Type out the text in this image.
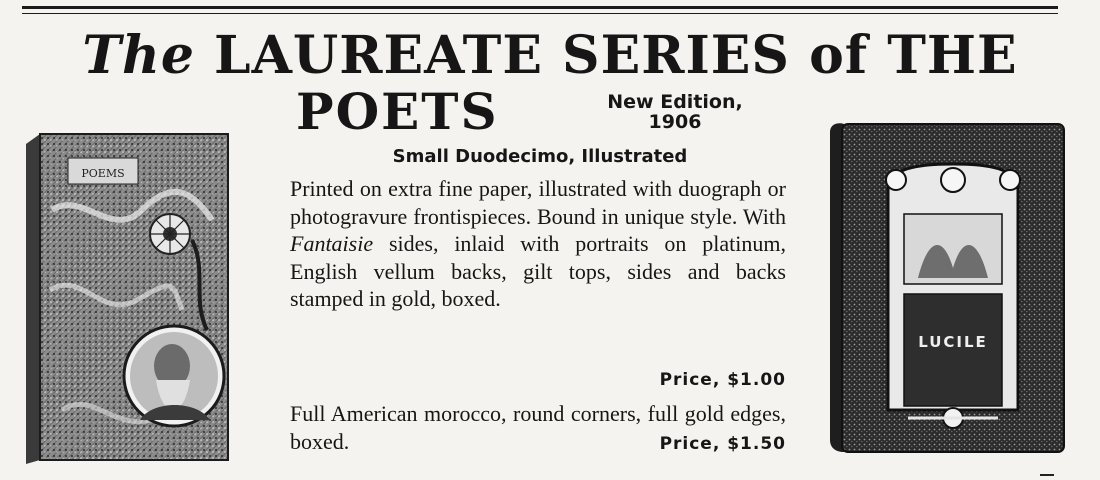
The LAUREATE SERIES of THE
POETS	New Edition,
1906
Small Duodecimo, Illustrated
Printed on extra fine paper, illustrated with duograph or photogravure frontispieces. Bound in unique style. With Fantaisie sides, inlaid with portraits on platinum, English vellum backs, gilt tops, sides and backs stamped in gold, boxed.
Price, $1.00
Full American morocco, round corners, full gold edges, boxed.	Price, $1.50
POEMS
LUCILE
